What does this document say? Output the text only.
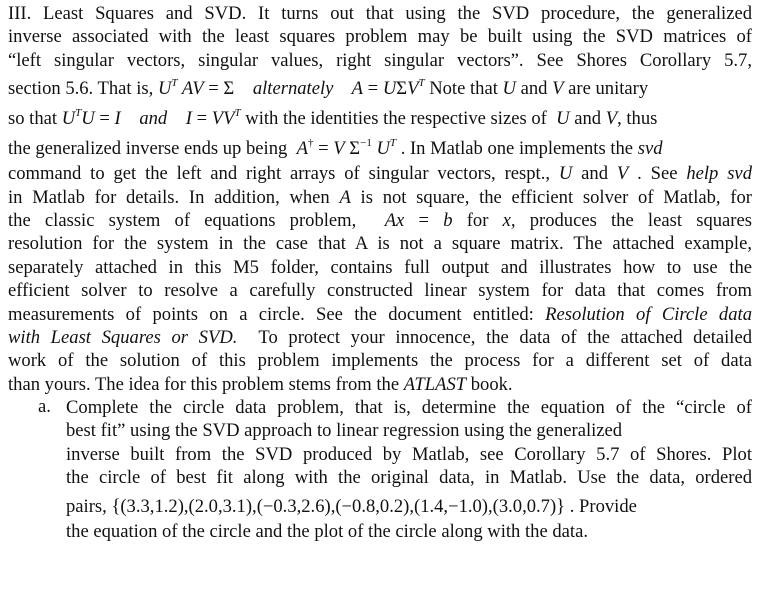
III. Least Squares and SVD. It turns out that using the SVD procedure, the generalized
inverse associated with the least squares problem may be built using the SVD matrices of
“left singular vectors, singular values, right singular vectors”. See Shores Corollary 5.7,
section 5.6. That is, $U^T$ AV = Σ    alternately    $A = U\Sigma V^T$ Note that U and V are unitary
so that $U^TU = I$    and    $I = VV^T$ with the identities the respective sizes of  U and V, thus
the generalized inverse ends up being  A† = V $\Sigma^{-1}$ $U^T$ . In Matlab one implements the svd
command to get the left and right arrays of singular vectors, respt., U and V . See help svd
in Matlab for details. In addition, when A is not square, the efficient solver of Matlab, for
the classic system of equations problem,  Ax = b for x, produces the least squares
resolution for the system in the case that A is not a square matrix. The attached example,
separately attached in this M5 folder, contains full output and illustrates how to use the
efficient solver to resolve a carefully constructed linear system for data that comes from
measurements of points on a circle. See the document entitled: Resolution of Circle data
with Least Squares or SVD.  To protect your innocence, the data of the attached detailed
work of the solution of this problem implements the process for a different set of data
than yours. The idea for this problem stems from the ATLAST book.
a. Complete the circle data problem, that is, determine the equation of the “circle of
best fit” using the SVD approach to linear regression using the generalized
inverse built from the SVD produced by Matlab, see Corollary 5.7 of Shores. Plot
the circle of best fit along with the original data, in Matlab. Use the data, ordered
pairs, {(3.3,1.2),(2.0,3.1),(−0.3,2.6),(−0.8,0.2),(1.4,−1.0),(3.0,0.7)} . Provide
the equation of the circle and the plot of the circle along with the data.
